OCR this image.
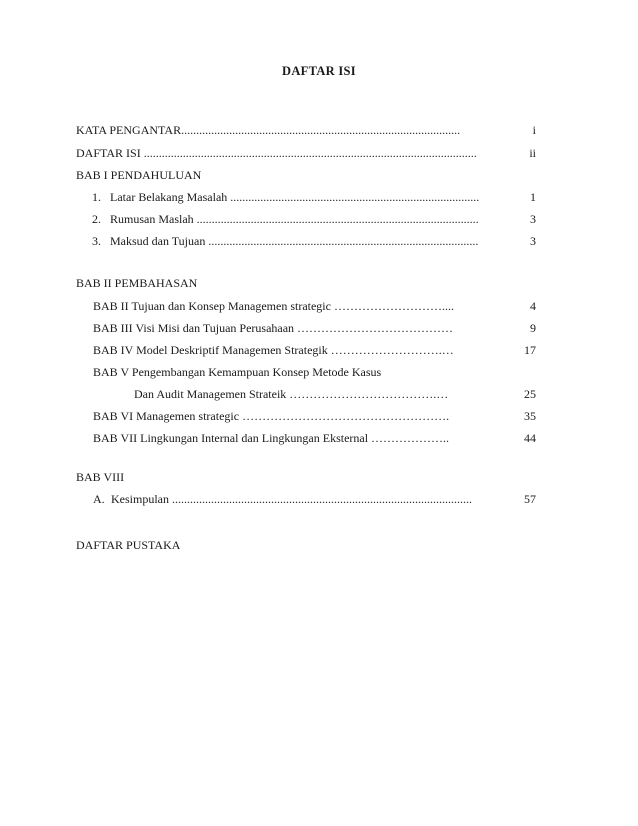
DAFTAR ISI
KATA PENGANTAR.............................................................................................	i
DAFTAR ISI ...............................................................................................................	ii
BAB I PENDAHULUAN
1. Latar Belakang Masalah ...................................................................................	1
2. Rumusan Maslah ..............................................................................................	3
3. Maksud dan Tujuan ..........................................................................................	3
BAB II PEMBAHASAN
BAB II Tujuan dan Konsep Managemen strategic ………………………....	4
BAB III Visi Misi dan Tujuan Perusahaan …………………………………	9
BAB IV Model Deskriptif Managemen Strategik ……………………….…	17
BAB V Pengembangan Kemampuan Konsep Metode Kasus
Dan Audit Managemen Strateik ……………………………….…	25
BAB VI Managemen strategic …………………………………………….	35
BAB VII Lingkungan Internal dan Lingkungan Eksternal ………………..	44
BAB VIII
A. Kesimpulan ....................................................................................................	57
DAFTAR PUSTAKA
